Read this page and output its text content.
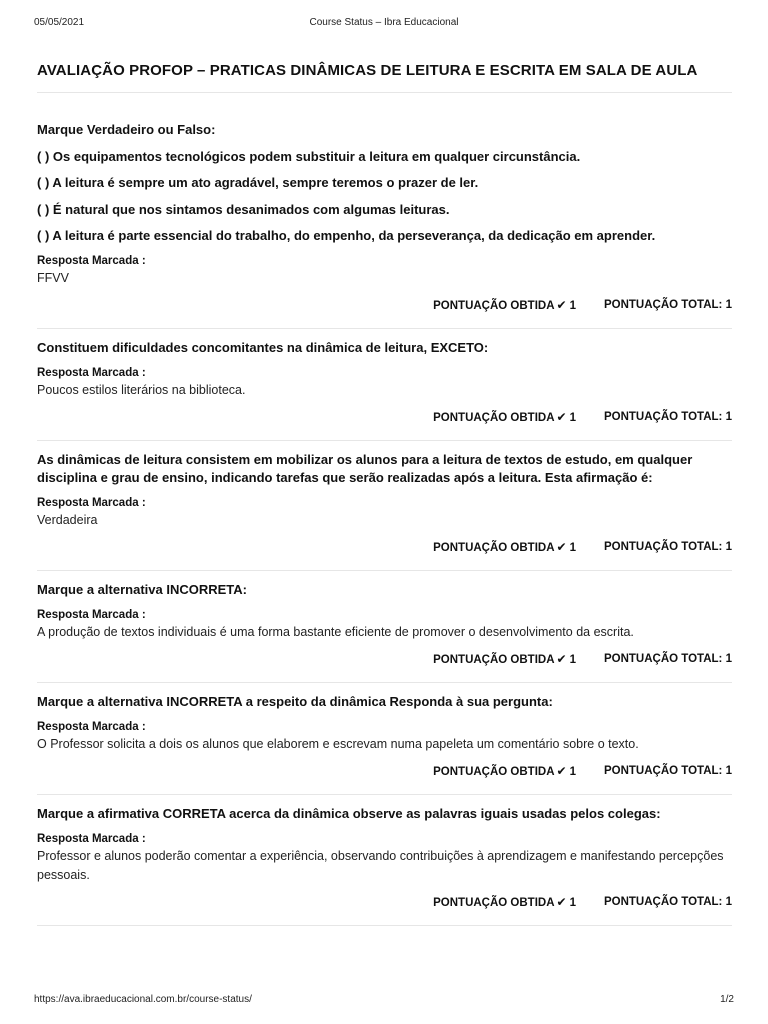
05/05/2021	Course Status – Ibra Educacional
AVALIAÇÃO PROFOP – PRATICAS DINÂMICAS DE LEITURA E ESCRITA EM SALA DE AULA

Marque Verdadeiro ou Falso:

( ) Os equipamentos tecnológicos podem substituir a leitura em qualquer circunstância.

( ) A leitura é sempre um ato agradável, sempre teremos o prazer de ler.

( ) É natural que nos sintamos desanimados com algumas leituras.

( ) A leitura é parte essencial do trabalho, do empenho, da perseverança, da dedicação em aprender.

Resposta Marcada :
FFVV
PONTUAÇÃO OBTIDA ✔ 1 PONTUAÇÃO TOTAL: 1

Constituem dificuldades concomitantes na dinâmica de leitura, EXCETO:

Resposta Marcada :
Poucos estilos literários na biblioteca.
PONTUAÇÃO OBTIDA ✔ 1 PONTUAÇÃO TOTAL: 1

As dinâmicas de leitura consistem em mobilizar os alunos para a leitura de textos de estudo, em qualquer disciplina e grau de ensino, indicando tarefas que serão realizadas após a leitura. Esta afirmação é:

Resposta Marcada :
Verdadeira
PONTUAÇÃO OBTIDA ✔ 1 PONTUAÇÃO TOTAL: 1

Marque a alternativa INCORRETA:

Resposta Marcada :
A produção de textos individuais é uma forma bastante eficiente de promover o desenvolvimento da escrita.
PONTUAÇÃO OBTIDA ✔ 1 PONTUAÇÃO TOTAL: 1

Marque a alternativa INCORRETA a respeito da dinâmica Responda à sua pergunta:

Resposta Marcada :
O Professor solicita a dois os alunos que elaborem e escrevam numa papeleta um comentário sobre o texto.
PONTUAÇÃO OBTIDA ✔ 1 PONTUAÇÃO TOTAL: 1

Marque a afirmativa CORRETA acerca da dinâmica observe as palavras iguais usadas pelos colegas:

Resposta Marcada :
Professor e alunos poderão comentar a experiência, observando contribuições à aprendizagem e manifestando percepções pessoais.
PONTUAÇÃO OBTIDA ✔ 1 PONTUAÇÃO TOTAL: 1
https://ava.ibraeducacional.com.br/course-status/	1/2
